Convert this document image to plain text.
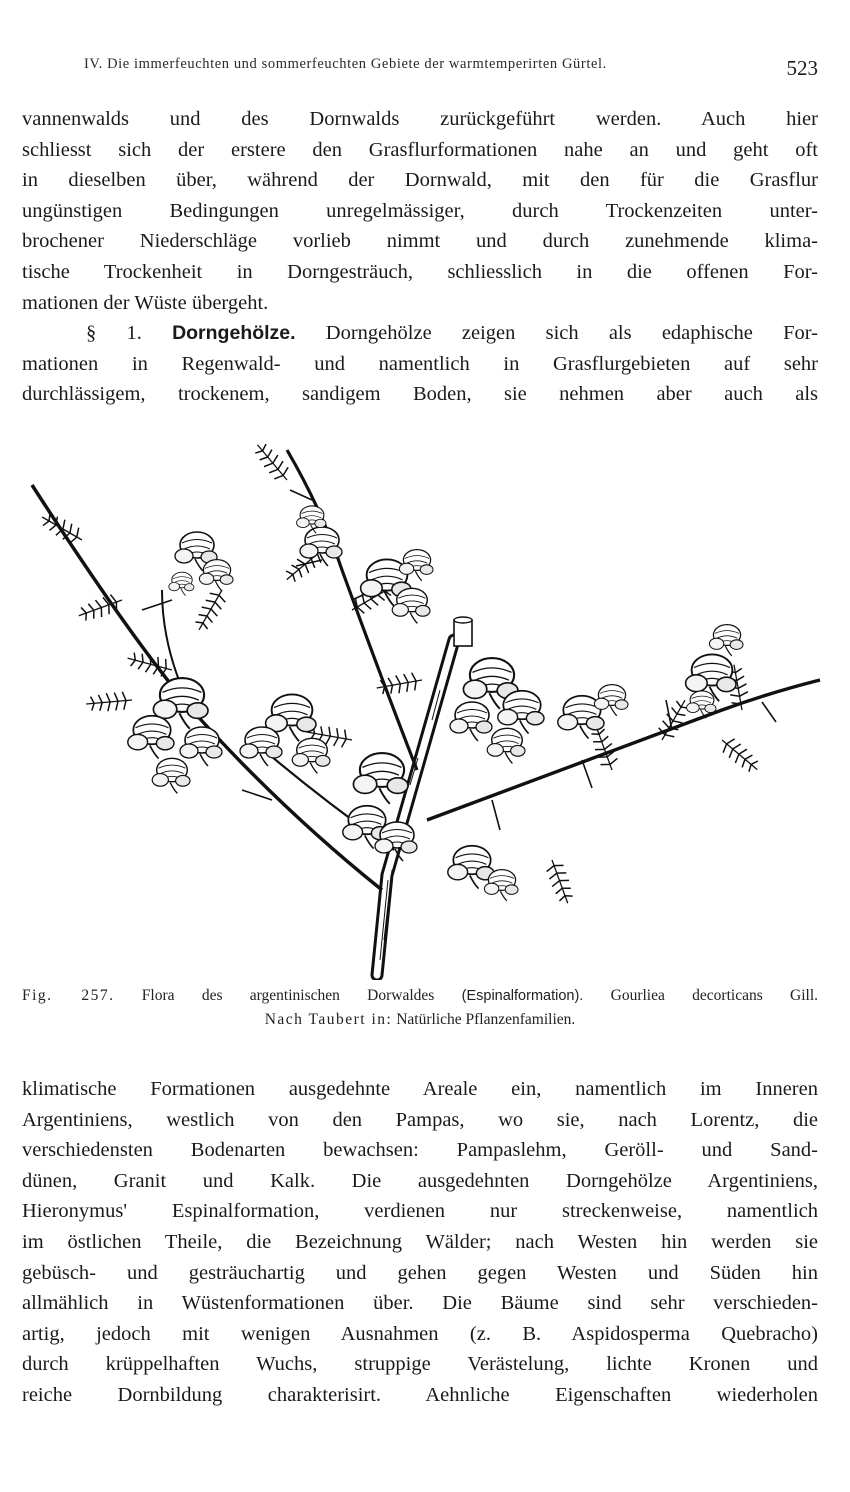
IV. Die immerfeuchten und sommerfeuchten Gebiete der warmtemperirten Gürtel.	523
vannenwalds und des Dornwalds zurückgeführt werden. Auch hier
schliesst sich der erstere den Grasflurformationen nahe an und geht oft
in dieselben über, während der Dornwald, mit den für die Grasflur
ungünstigen Bedingungen unregelmässiger, durch Trockenzeiten unter-
brochener Niederschläge vorlieb nimmt und durch zunehmende klima-
tische Trockenheit in Dorngesträuch, schliesslich in die offenen For-
mationen der Wüste übergeht.
§ 1. Dorngehölze. Dorngehölze zeigen sich als edaphische For-
mationen in Regenwald- und namentlich in Grasflurgebieten auf sehr
durchlässigem, trockenem, sandigem Boden, sie nehmen aber auch als
Fig. 257. Flora des argentinischen Dorwaldes (Espinalformation). Gourliea decorticans Gill.
Nach Taubert in: Natürliche Pflanzenfamilien.
klimatische Formationen ausgedehnte Areale ein, namentlich im Inneren
Argentiniens, westlich von den Pampas, wo sie, nach Lorentz, die
verschiedensten Bodenarten bewachsen: Pampaslehm, Geröll- und Sand-
dünen, Granit und Kalk. Die ausgedehnten Dorngehölze Argentiniens,
Hieronymus' Espinalformation, verdienen nur streckenweise, namentlich
im östlichen Theile, die Bezeichnung Wälder; nach Westen hin werden sie
gebüsch- und gesträuchartig und gehen gegen Westen und Süden hin
allmählich in Wüstenformationen über. Die Bäume sind sehr verschieden-
artig, jedoch mit wenigen Ausnahmen (z. B. Aspidosperma Quebracho)
durch krüppelhaften Wuchs, struppige Verästelung, lichte Kronen und
reiche Dornbildung charakterisirt. Aehnliche Eigenschaften wiederholen
